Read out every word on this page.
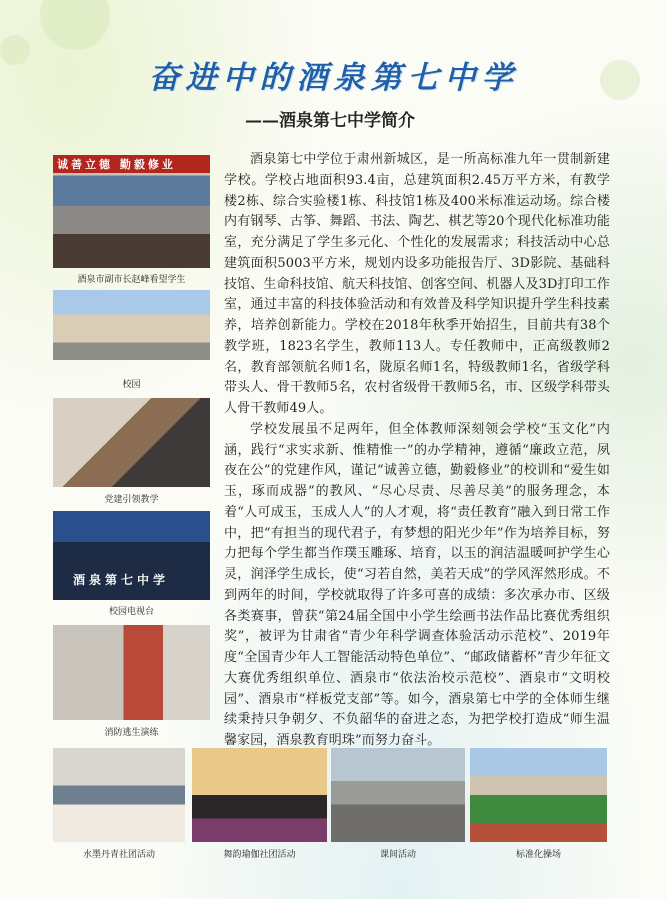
奋进中的酒泉第七中学
——酒泉第七中学简介
诚善立德 勤毅修业
酒泉市副市长赵峰看望学生
校园
党建引领教学
酒泉第七中学
校园电视台
消防逃生演练

酒泉第七中学位于肃州新城区，是一所高标准九年一贯制新建学校。学校占地面积93.4亩，总建筑面积2.45万平方米，有教学楼2栋、综合实验楼1栋、科技馆1栋及400米标准运动场。综合楼内有钢琴、古筝、舞蹈、书法、陶艺、棋艺等20个现代化标准功能室，充分满足了学生多元化、个性化的发展需求；科技活动中心总建筑面积5003平方米，规划内设多功能报告厅、3D影院、基础科技馆、生命科技馆、航天科技馆、创客空间、机器人及3D打印工作室，通过丰富的科技体验活动和有效普及科学知识提升学生科技素养，培养创新能力。学校在2018年秋季开始招生，目前共有38个教学班，1823名学生，教师113人。专任教师中，正高级教师2名，教育部领航名师1名，陇原名师1名，特级教师1名，省级学科带头人、骨干教师5名，农村省级骨干教师5名，市、区级学科带头人骨干教师49人。

学校发展虽不足两年，但全体教师深刻领会学校“玉文化”内涵，践行“求实求新、惟精惟一”的办学精神，遵循“廉政立范，夙夜在公”的党建作风，谨记“诚善立德，勤毅修业”的校训和“爱生如玉，琢而成器”的教风、“尽心尽责、尽善尽美”的服务理念，本着“人可成玉，玉成人人”的人才观，将“责任教育”融入到日常工作中，把“有担当的现代君子，有梦想的阳光少年”作为培养目标，努力把每个学生都当作璞玉雕琢、培育，以玉的润洁温暖呵护学生心灵，润泽学生成长，使“习若自然，美若天成”的学风浑然形成。不到两年的时间，学校就取得了许多可喜的成绩：多次承办市、区级各类赛事，曾获“第24届全国中小学生绘画书法作品比赛优秀组织奖”，被评为甘肃省“青少年科学调查体验活动示范校”、2019年度“全国青少年人工智能活动特色单位”、“邮政储蓄杯”青少年征文大赛优秀组织单位、酒泉市“依法治校示范校”、酒泉市“文明校园”、酒泉市“样板党支部”等。如今，酒泉第七中学的全体师生继续秉持只争朝夕、不负韶华的奋进之态，为把学校打造成“师生温馨家园，酒泉教育明珠”而努力奋斗。

水墨丹青社团活动	舞韵瑜伽社团活动	课间活动	标准化操场
